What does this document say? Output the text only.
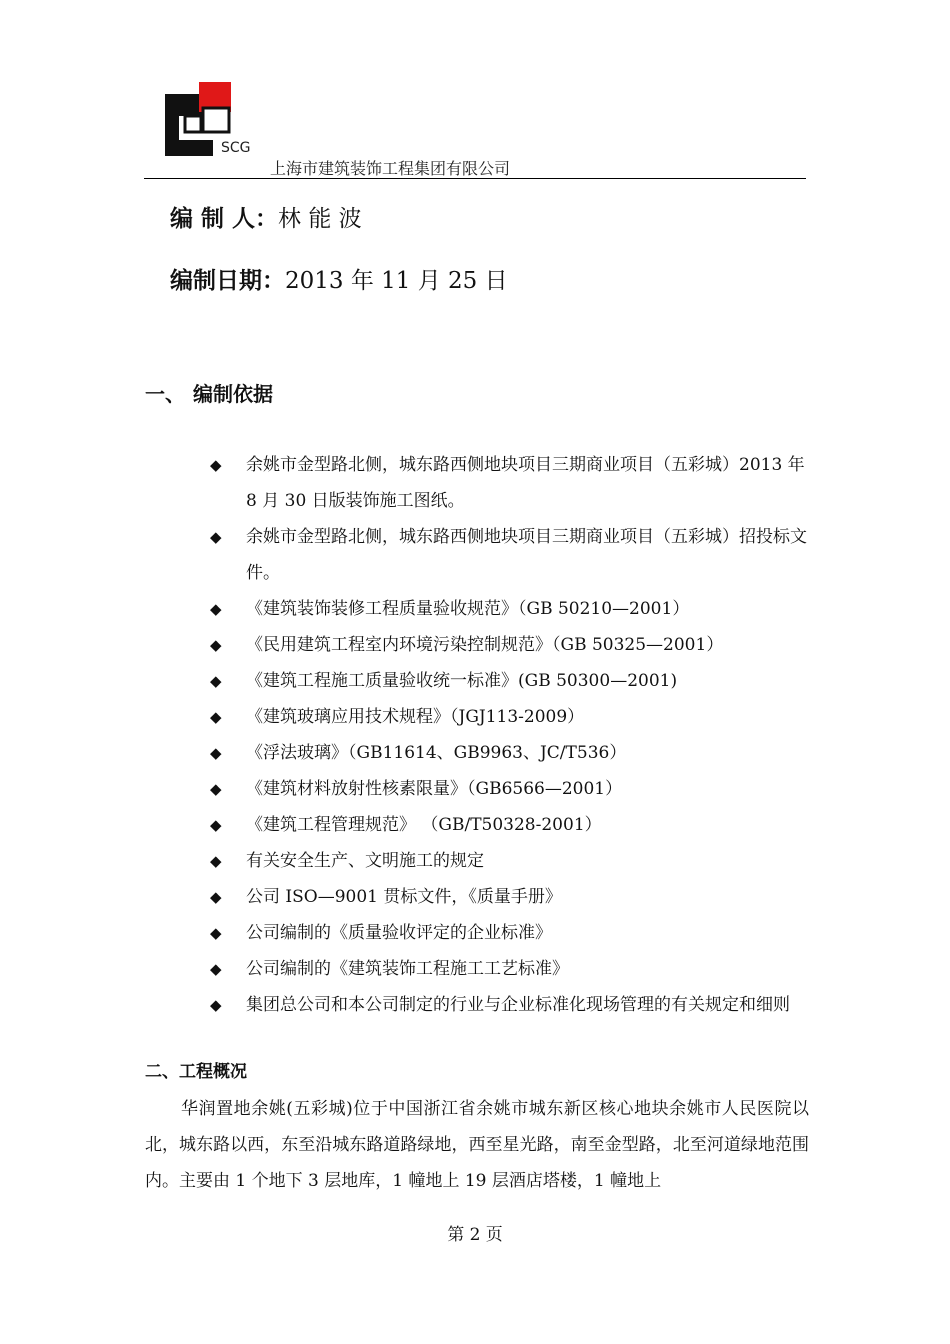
SCG
上海市建筑装饰工程集团有限公司
编 制 人：林 能 波
编制日期：2013 年 11 月 25 日
一、 编制依据
◆ 余姚市金型路北侧，城东路西侧地块项目三期商业项目（五彩城）2013 年 8 月 30 日版装饰施工图纸。
◆ 余姚市金型路北侧，城东路西侧地块项目三期商业项目（五彩城）招投标文件。
◆ 《建筑装饰装修工程质量验收规范》（GB 50210—2001）
◆ 《民用建筑工程室内环境污染控制规范》（GB 50325—2001）
◆ 《建筑工程施工质量验收统一标准》(GB 50300—2001)
◆ 《建筑玻璃应用技术规程》（JGJ113-2009）
◆ 《浮法玻璃》（GB11614、GB9963、JC/T536）
◆ 《建筑材料放射性核素限量》（GB6566—2001）
◆ 《建筑工程管理规范》 （GB/T50328-2001）
◆ 有关安全生产、文明施工的规定
◆ 公司 ISO—9001 贯标文件，《质量手册》
◆ 公司编制的《质量验收评定的企业标准》
◆ 公司编制的《建筑装饰工程施工工艺标准》
◆ 集团总公司和本公司制定的行业与企业标准化现场管理的有关规定和细则
二、工程概况

华润置地余姚(五彩城)位于中国浙江省余姚市城东新区核心地块余姚市人民医院以北，城东路以西，东至沿城东路道路绿地，西至星光路，南至金型路，北至河道绿地范围内。主要由 1 个地下 3 层地库，1 幢地上 19 层酒店塔楼，1 幢地上

第 2 页
